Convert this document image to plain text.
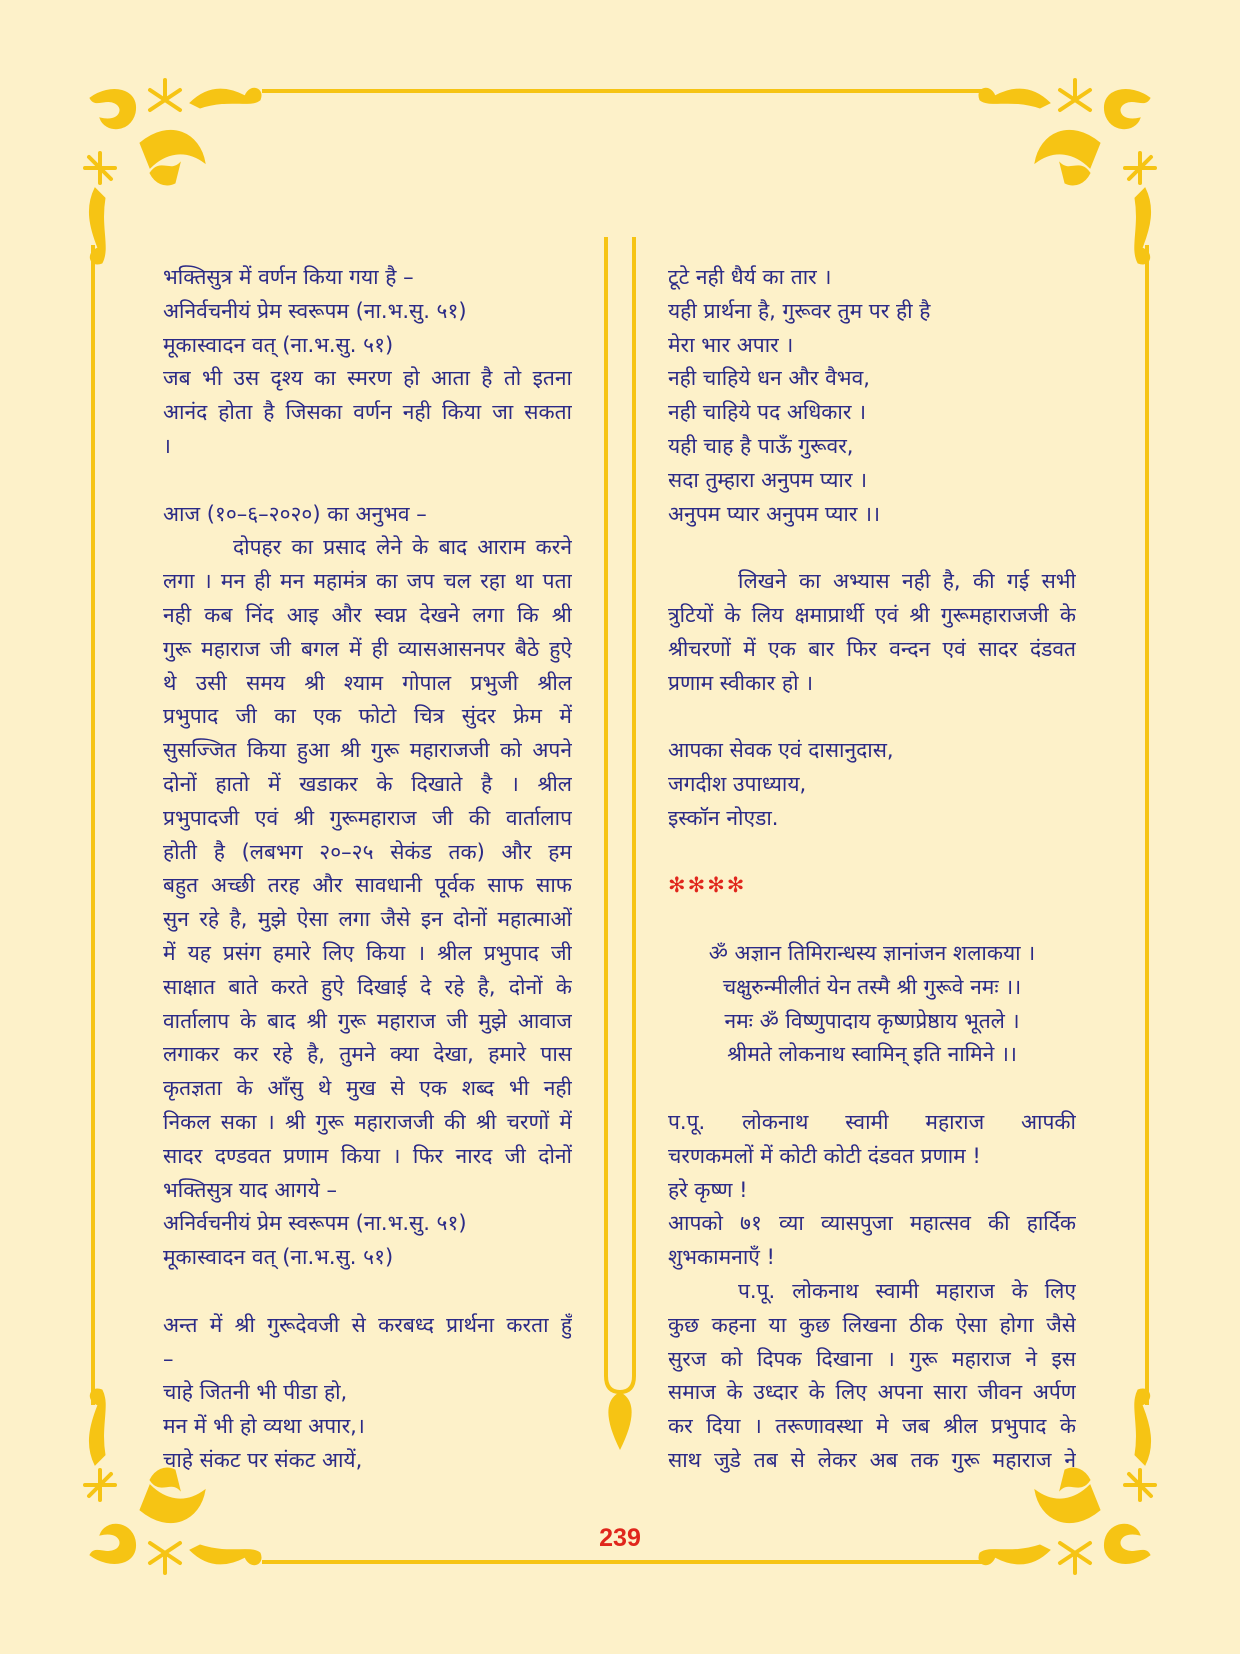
भक्तिसुत्र में वर्णन किया गया है –
अनिर्वचनीयं प्रेम स्वरूपम (ना.भ.सु. ५१)
मूकास्वादन वत् (ना.भ.सु. ५१)
जब भी उस दृश्य का स्मरण हो आता है तो इतना
आनंद होता है जिसका वर्णन नही किया जा सकता
।
आज (१०–६–२०२०) का अनुभव –
दोपहर का प्रसाद लेने के बाद आराम करने
लगा । मन ही मन महामंत्र का जप चल रहा था पता
नही कब निंद आइ और स्वप्न देखने लगा कि श्री
गुरू महाराज जी बगल में ही व्यासआसनपर बैठे हुऐ
थे उसी समय श्री श्याम गोपाल प्रभुजी श्रील
प्रभुपाद जी का एक फोटो चित्र सुंदर फ्रेम में
सुसज्जित किया हुआ श्री गुरू महाराजजी को अपने
दोनों हातो में खडाकर के दिखाते है । श्रील
प्रभुपादजी एवं श्री गुरूमहाराज जी की वार्तालाप
होती है (लबभग २०–२५ सेकंड तक) और हम
बहुत अच्छी तरह और सावधानी पूर्वक साफ साफ
सुन रहे है, मुझे ऐसा लगा जैसे इन दोनों महात्माओं
में यह प्रसंग हमारे लिए किया । श्रील प्रभुपाद जी
साक्षात बाते करते हुऐ दिखाई दे रहे है, दोनों के
वार्तालाप के बाद श्री गुरू महाराज जी मुझे आवाज
लगाकर कर रहे है, तुमने क्या देखा, हमारे पास
कृतज्ञता के आँसु थे मुख से एक शब्द भी नही
निकल सका । श्री गुरू महाराजजी की श्री चरणों में
सादर दण्डवत प्रणाम किया । फिर नारद जी दोनों
भक्तिसुत्र याद आगये –
अनिर्वचनीयं प्रेम स्वरूपम (ना.भ.सु. ५१)
मूकास्वादन वत् (ना.भ.सु. ५१)
अन्त में श्री गुरूदेवजी से करबध्द प्रार्थना करता हुँ
–
चाहे जितनी भी पीडा हो,
मन में भी हो व्यथा अपार,।
चाहे संकट पर संकट आयें,
टूटे नही धैर्य का तार ।
यही प्रार्थना है, गुरूवर तुम पर ही है
मेरा भार अपार ।
नही चाहिये धन और वैभव,
नही चाहिये पद अधिकार ।
यही चाह है पाऊँ गुरूवर,
सदा तुम्हारा अनुपम प्यार ।
अनुपम प्यार अनुपम प्यार ।।
लिखने का अभ्यास नही है, की गई सभी
त्रुटियों के लिय क्षमाप्रार्थी एवं श्री गुरूमहाराजजी के
श्रीचरणों में एक बार फिर वन्दन एवं सादर दंडवत
प्रणाम स्वीकार हो ।
आपका सेवक एवं दासानुदास,
जगदीश उपाध्याय,
इस्कॉन नोएडा.
✻✻✻✻
ॐ अज्ञान तिमिरान्धस्य ज्ञानांजन शलाकया ।
चक्षुरुन्मीलीतं येन तस्मै श्री गुरूवे नमः ।।
नमः ॐ विष्णुपादाय कृष्णप्रेष्ठाय भूतले ।
श्रीमते लोकनाथ स्वामिन् इति नामिने ।।
प.पू. लोकनाथ स्वामी महाराज आपकी
चरणकमलों में कोटी कोटी दंडवत प्रणाम !
हरे कृष्ण !
आपको ७१ व्या व्यासपुजा महात्सव की हार्दिक
शुभकामनाएँ !
प.पू. लोकनाथ स्वामी महाराज के लिए
कुछ कहना या कुछ लिखना ठीक ऐसा होगा जैसे
सुरज को दिपक दिखाना । गुरू महाराज ने इस
समाज के उध्दार के लिए अपना सारा जीवन अर्पण
कर दिया । तरूणावस्था मे जब श्रील प्रभुपाद के
साथ जुडे तब से लेकर अब तक गुरू महाराज ने
239
